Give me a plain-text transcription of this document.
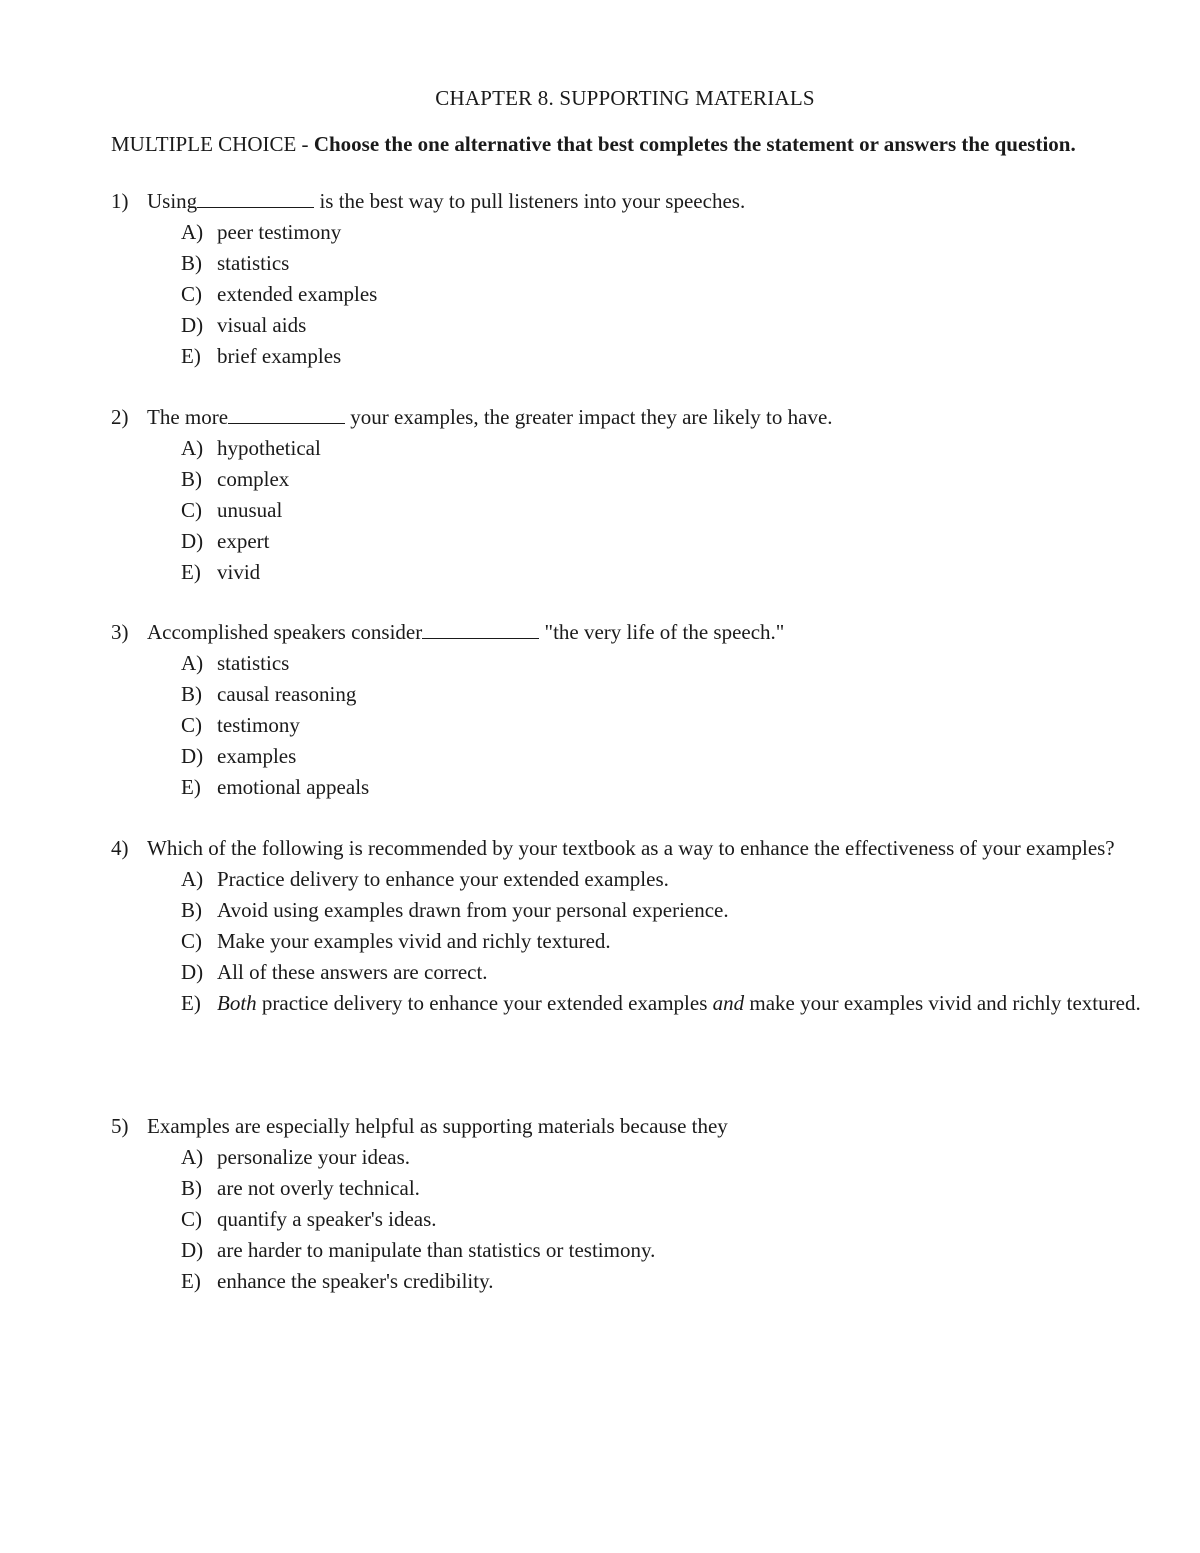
CHAPTER 8. SUPPORTING MATERIALS
MULTIPLE CHOICE - Choose the one alternative that best completes the statement or answers the question.
1) Using	is the best way to pull listeners into your speeches.
A) peer testimony
B) statistics
C) extended examples
D) visual aids
E) brief examples
2) The more	your examples, the greater impact they are likely to have.
A) hypothetical
B) complex
C) unusual
D) expert
E) vivid
3) Accomplished speakers consider	"the very life of the speech."
A) statistics
B) causal reasoning
C) testimony
D) examples
E) emotional appeals
4) Which of the following is recommended by your textbook as a way to enhance the effectiveness of your examples?
A) Practice delivery to enhance your extended examples.
B) Avoid using examples drawn from your personal experience.
C) Make your examples vivid and richly textured.
D) All of these answers are correct.
E) Both practice delivery to enhance your extended examples and make your examples vivid and richly textured.
5) Examples are especially helpful as supporting materials because they
A) personalize your ideas.
B) are not overly technical.
C) quantify a speaker's ideas.
D) are harder to manipulate than statistics or testimony.
E) enhance the speaker's credibility.
